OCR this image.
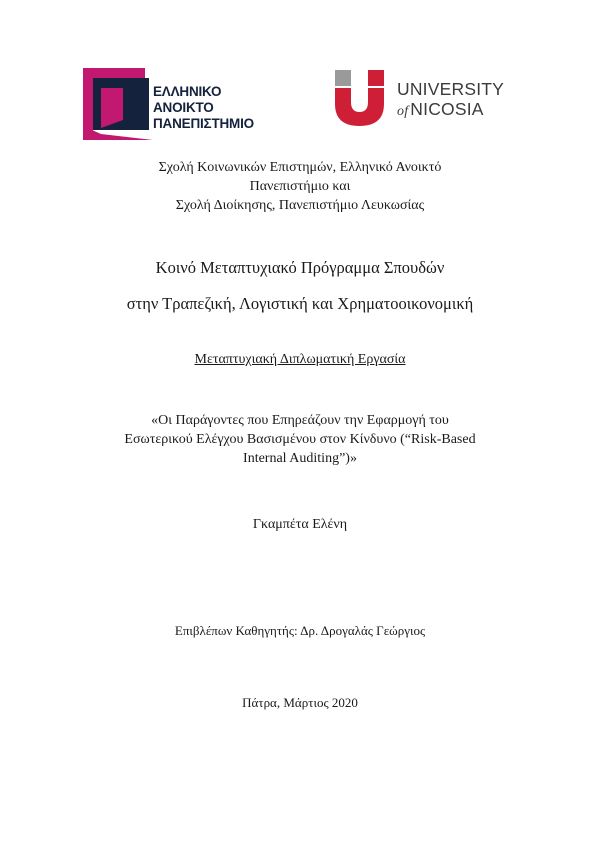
ΕΛΛΗΝΙΚΟ
ΑΝΟΙΚΤΟ
ΠΑΝΕΠΙΣΤΗΜΙΟ
UNIVERSITY
of NICOSIA
Σχολή Κοινωνικών Επιστημών, Ελληνικό Ανοικτό
Πανεπιστήμιο και
Σχολή Διοίκησης, Πανεπιστήμιο Λευκωσίας
Κοινό Μεταπτυχιακό Πρόγραμμα Σπουδών
στην Τραπεζική, Λογιστική και Χρηματοοικονομική
Μεταπτυχιακή Διπλωματική Εργασία
«Οι Παράγοντες που Επηρεάζουν την Εφαρμογή του
Εσωτερικού Ελέγχου Βασισμένου στον Κίνδυνο (“Risk-Based
Internal Auditing”)»
Γκαμπέτα Ελένη
Επιβλέπων Καθηγητής: Δρ. Δρογαλάς Γεώργιος
Πάτρα, Μάρτιος 2020
